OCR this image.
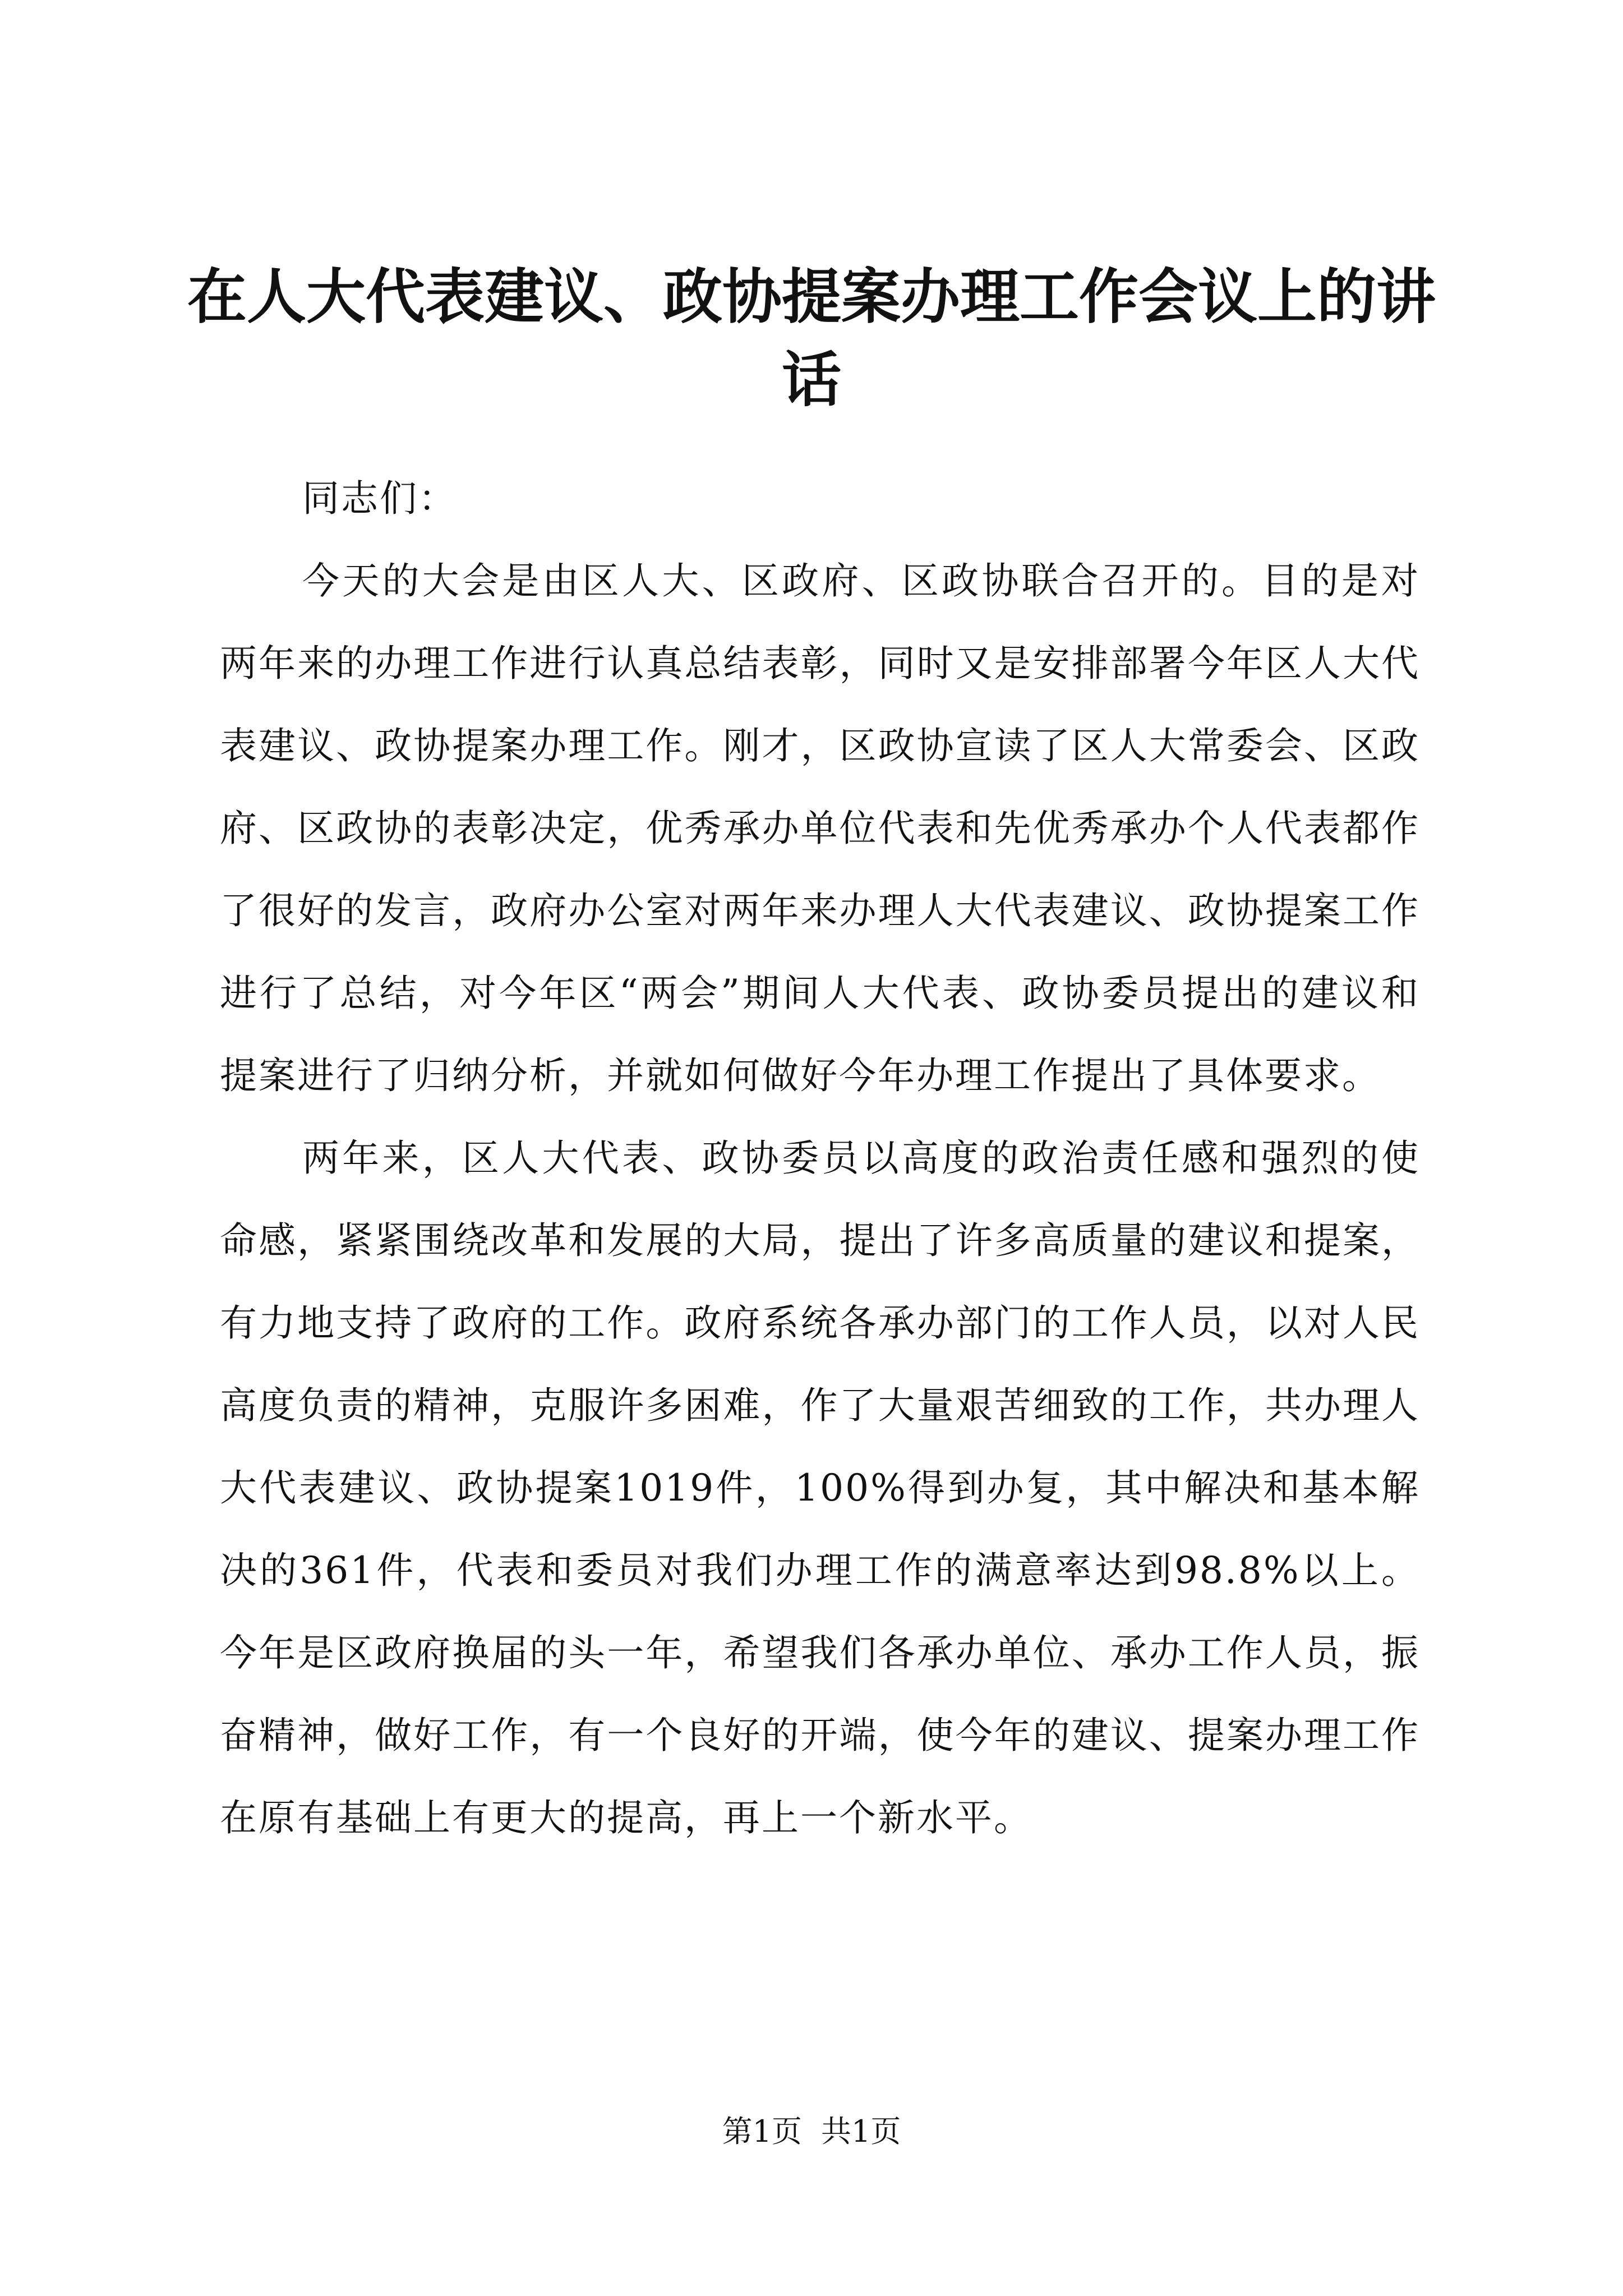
在人大代表建议、政协提案办理工作会议上的讲话

同志们：

今天的大会是由区人大、区政府、区政协联合召开的。目的是对两年来的办理工作进行认真总结表彰，同时又是安排部署今年区人大代表建议、政协提案办理工作。刚才，区政协宣读了区人大常委会、区政府、区政协的表彰决定，优秀承办单位代表和先优秀承办个人代表都作了很好的发言，政府办公室对两年来办理人大代表建议、政协提案工作进行了总结，对今年区“两会”期间人大代表、政协委员提出的建议和提案进行了归纳分析，并就如何做好今年办理工作提出了具体要求。

两年来，区人大代表、政协委员以高度的政治责任感和强烈的使命感，紧紧围绕改革和发展的大局，提出了许多高质量的建议和提案，有力地支持了政府的工作。政府系统各承办部门的工作人员，以对人民高度负责的精神，克服许多困难，作了大量艰苦细致的工作，共办理人大代表建议、政协提案1019件，100%得到办复，其中解决和基本解决的361件，代表和委员对我们办理工作的满意率达到98.8%以上。今年是区政府换届的头一年，希望我们各承办单位、承办工作人员，振奋精神，做好工作，有一个良好的开端，使今年的建议、提案办理工作在原有基础上有更大的提高，再上一个新水平。

第1页 共1页
